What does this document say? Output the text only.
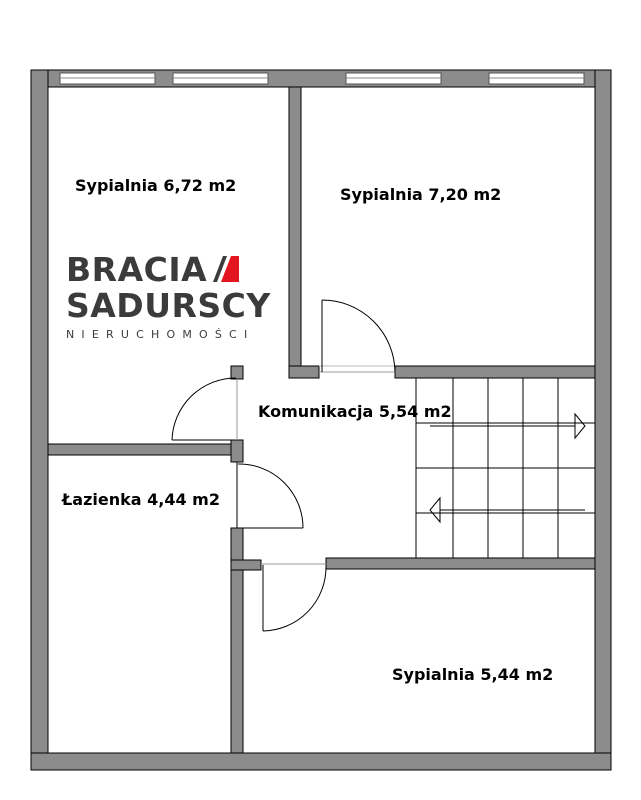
Sypialnia 6,72 m2	Sypialnia 7,20 m2
Komunikacja 5,54 m2
Łazienka 4,44 m2
Sypialnia 5,44 m2
BRACIA
SADURSCY
NIERUCHOMOŚCI
